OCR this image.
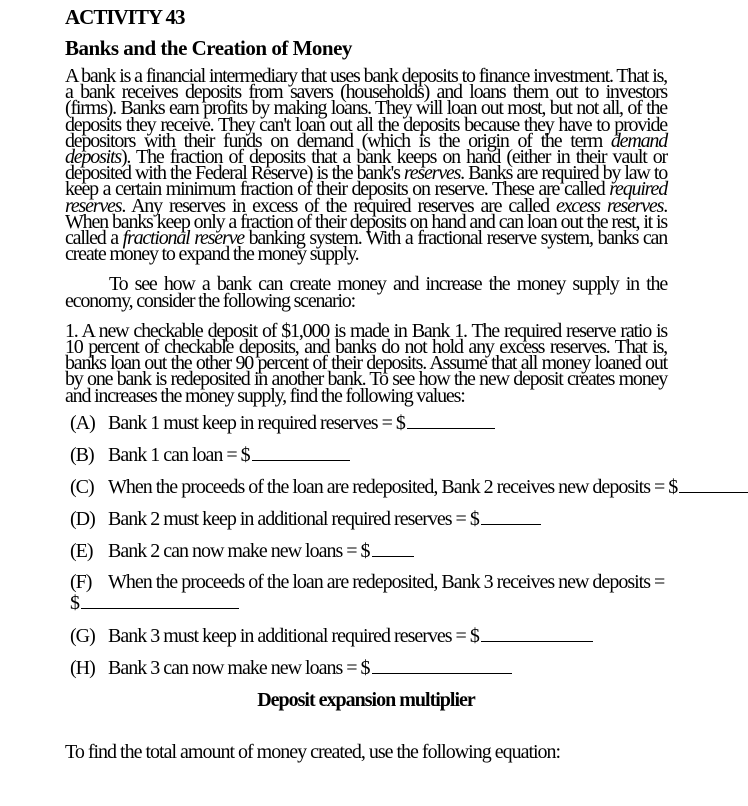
ACTIVITY 43
Banks and the Creation of Money

A bank is a financial intermediary that uses bank deposits to finance investment. That is, a bank receives deposits from savers (households) and loans them out to investors (firms). Banks earn profits by making loans. They will loan out most, but not all, of the deposits they receive. They can't loan out all the deposits because they have to provide depositors with their funds on demand (which is the origin of the term demand deposits). The fraction of deposits that a bank keeps on hand (either in their vault or deposited with the Federal Reserve) is the bank's reserves. Banks are required by law to keep a certain minimum fraction of their deposits on reserve. These are called required reserves. Any reserves in excess of the required reserves are called excess reserves. When banks keep only a fraction of their deposits on hand and can loan out the rest, it is called a fractional reserve banking system. With a fractional reserve system, banks can create money to expand the money supply.

To see how a bank can create money and increase the money supply in the economy, consider the following scenario:

1. A new checkable deposit of $1,000 is made in Bank 1. The required reserve ratio is 10 percent of checkable deposits, and banks do not hold any excess reserves. That is, banks loan out the other 90 percent of their deposits. Assume that all money loaned out by one bank is redeposited in another bank. To see how the new deposit creates money and increases the money supply, find the following values:

(A) Bank 1 must keep in required reserves = $
(B) Bank 1 can loan = $
(C) When the proceeds of the loan are redeposited, Bank 2 receives new deposits = $
(D) Bank 2 must keep in additional required reserves = $
(E) Bank 2 can now make new loans = $
(F) When the proceeds of the loan are redeposited, Bank 3 receives new deposits = $
(G) Bank 3 must keep in additional required reserves = $
(H) Bank 3 can now make new loans = $
Deposit expansion multiplier

To find the total amount of money created, use the following equation:
